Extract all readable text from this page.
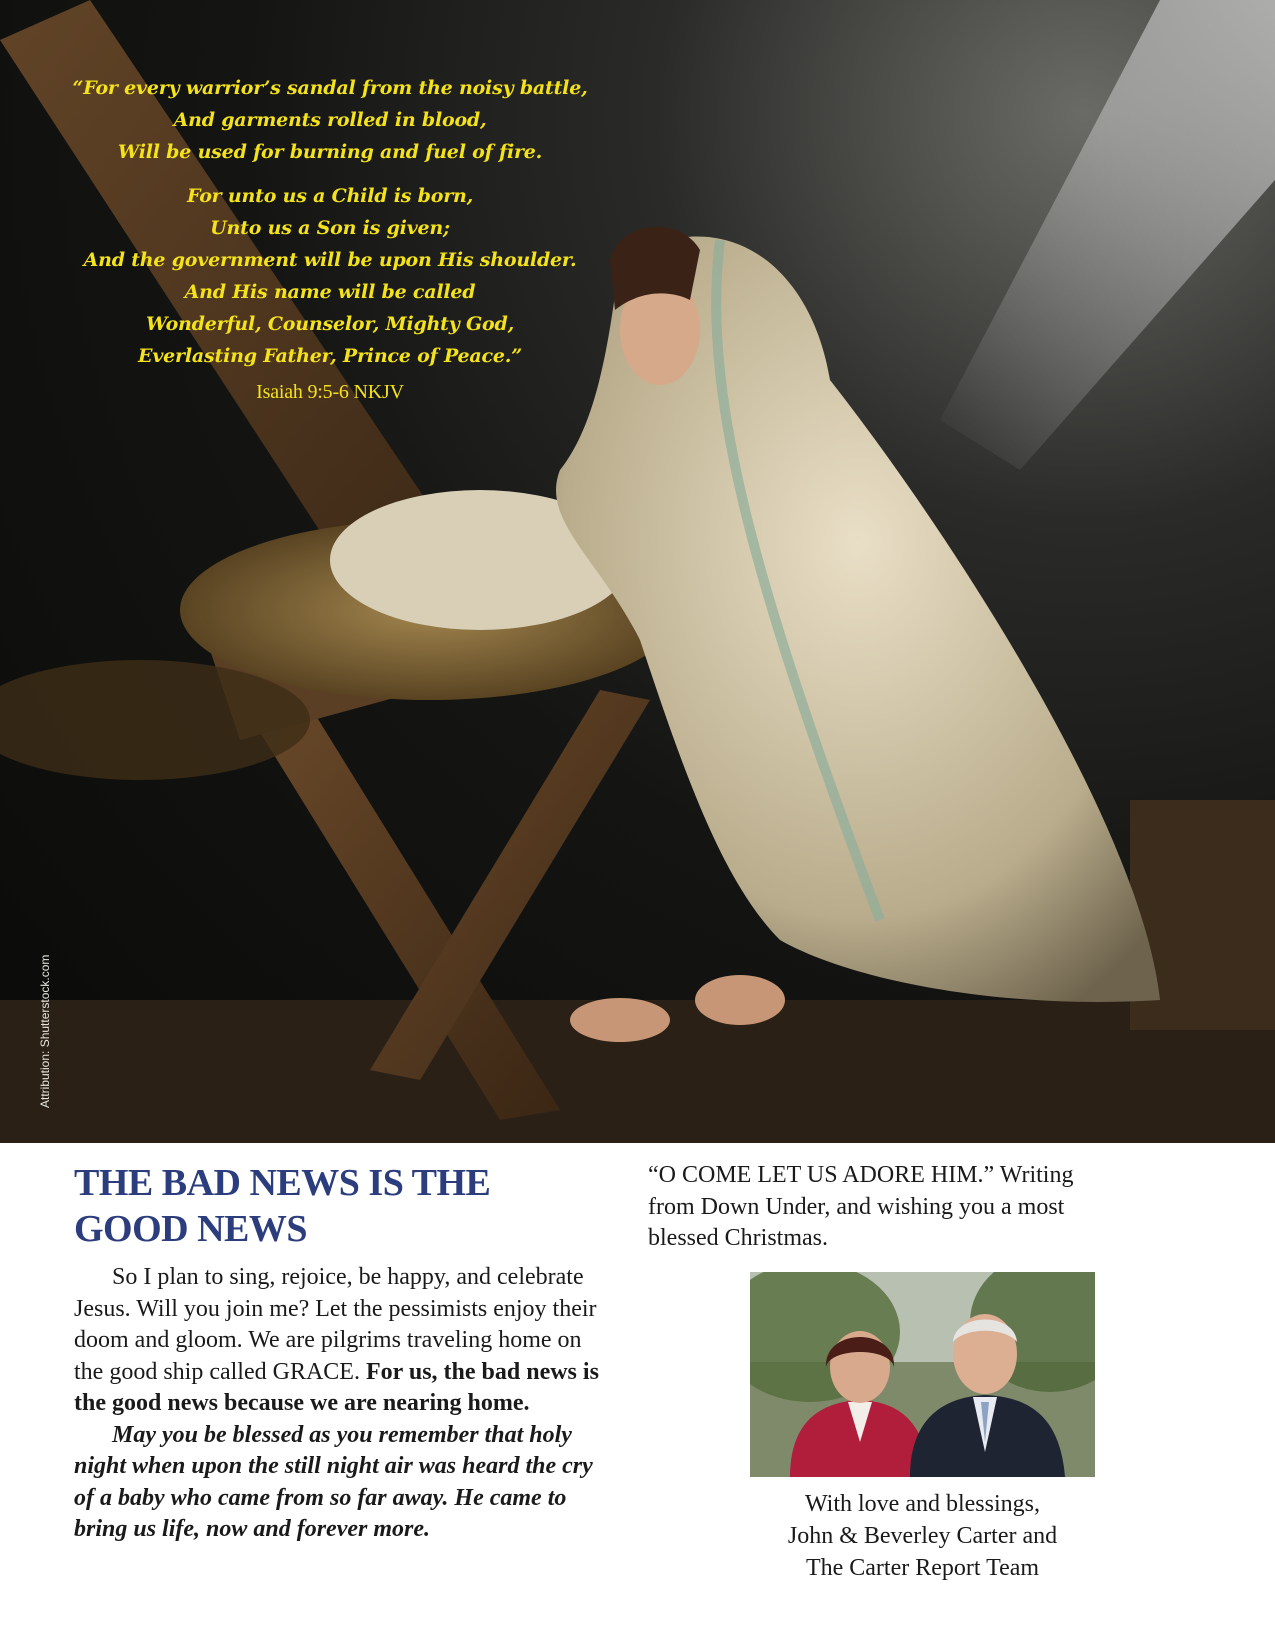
“For every warrior’s sandal from the noisy battle,
And garments rolled in blood,
Will be used for burning and fuel of fire.
For unto us a Child is born,
Unto us a Son is given;
And the government will be upon His shoulder.
And His name will be called
Wonderful, Counselor, Mighty God,
Everlasting Father, Prince of Peace.”
Isaiah 9:5-6 NKJV
Attribution: Shutterstock.com
THE BAD NEWS IS THE
GOOD NEWS

So I plan to sing, rejoice, be happy, and celebrate Jesus. Will you join me? Let the pessimists enjoy their doom and gloom. We are pilgrims traveling home on the good ship called GRACE. For us, the bad news is the good news because we are nearing home.

May you be blessed as you remember that holy night when upon the still night air was heard the cry of a baby who came from so far away. He came to bring us life, now and forever more.

“O COME LET US ADORE HIM.” Writing from Down Under, and wishing you a most blessed Christmas.

With love and blessings,
John & Beverley Carter and
The Carter Report Team
